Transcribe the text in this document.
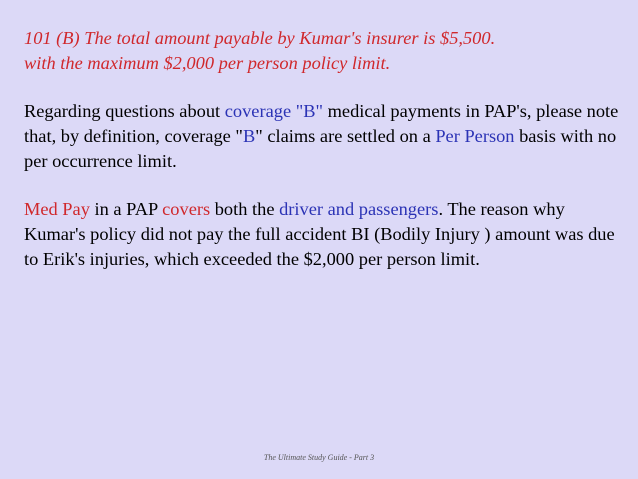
101 (B) The total amount payable by Kumar's insurer is $5,500.
with the maximum $2,000 per person policy limit.

Regarding questions about coverage "B" medical payments in PAP's, please note that, by definition, coverage "B" claims are settled on a Per Person basis with no per occurrence limit.

Med Pay in a PAP covers both the driver and passengers. The reason why Kumar's policy did not pay the full accident BI (Bodily Injury ) amount was due to Erik's injuries, which exceeded the $2,000 per person limit.

The Ultimate Study Guide - Part 3
